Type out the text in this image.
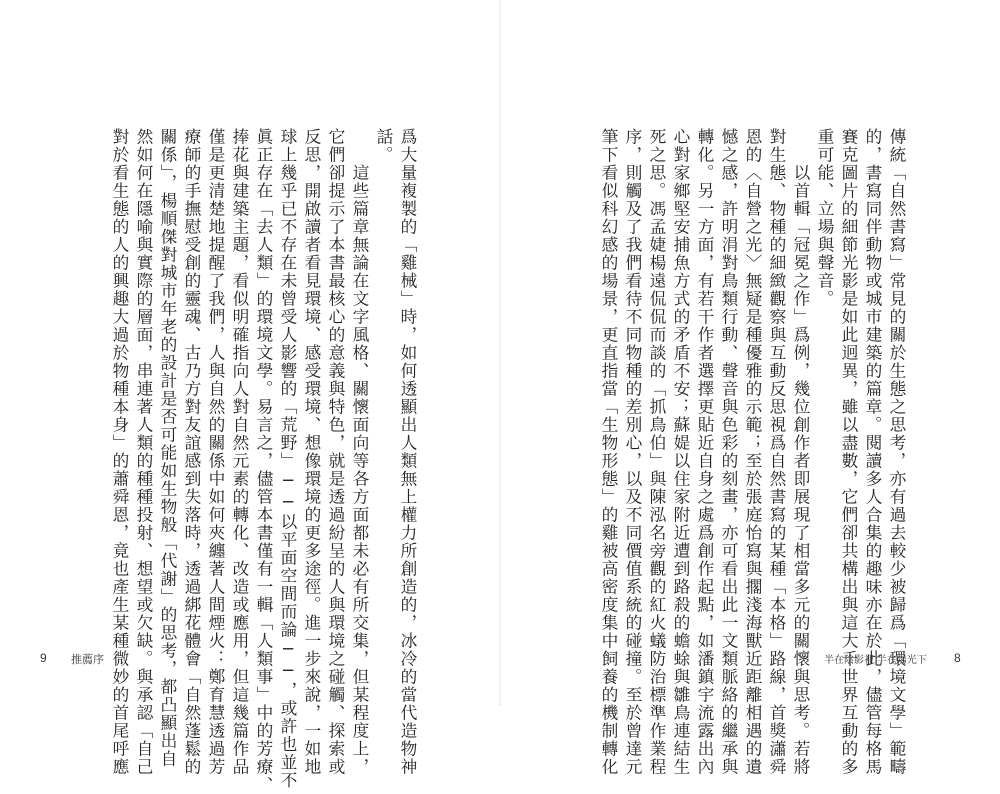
爲大量複製的「雞械」時，如何透顯出人類無上權力所創造的，冰冷的當代造物神
話。
　　這些篇章無論在文字風格、關懷面向等各方面都未必有所交集，但某程度上，
它們卻提示了本書最核心的意義與特色，就是透過紛呈的人與環境之碰觸、探索或
反思，開啟讀者看見環境、感受環境、想像環境的更多途徑。進一步來說，一如地
球上幾乎已不存在未曾受人影響的「荒野」──以平面空間而論──，或許也並不
眞正存在「去人類」的環境文學。易言之，儘管本書僅有一輯「人類事」中的芳療、
捧花與建築主題，看似明確指向人對自然元素的轉化、改造或應用，但這幾篇作品
僅是更清楚地提醒了我們，人與自然的關係中如何夾纏著人間煙火：鄭育慧透過芳
療師的手撫慰受創的靈魂、古乃方對友誼感到失落時，透過綁花體會「自然蓬鬆的
關係」，楊順傑對城市年老的設計是否可能如生物般「代謝」的思考，都凸顯出自
然如何在隱喻與實際的層面，串連著人類的種種投射、想望或欠缺。與承認「自己
對於看生態的人的興趣大過於物種本身」的蕭舜恩，竟也產生某種微妙的首尾呼應
9 推薦序	傳統「自然書寫」常見的關於生態之思考，亦有過去較少被歸爲「環境文學」範疇
的，書寫同伴動物或城市建築的篇章。閱讀多人合集的趣味亦在於此，儘管每格馬
賽克圖片的細節光影是如此迥異，雖以盡數，它們卻共構出與這大千世界互動的多
重可能、立場與聲音。
　　以首輯「冠冕之作」爲例，幾位創作者即展現了相當多元的關懷與思考。若將
對生態、物種的細緻觀察與互動反思視爲自然書寫的某種「本格」路線，首獎瀟舜
恩的〈自營之光〉無疑是種優雅的示範；至於張庭怡寫與擱淺海獸近距離相遇的遺
憾之感，許明涓對鳥類行動、聲音與色彩的刻畫，亦可看出此一文類脈絡的繼承與
轉化。另一方面，有若干作者選擇更貼近自身之處爲創作起點，如潘鎮宇流露出內
心對家鄉堅安捕魚方式的矛盾不安；蘇媞以住家附近遭到路殺的蟾蜍與雛鳥連結生
死之思。馮孟婕楊遠侃侃而談的「抓鳥伯」與陳泓名旁觀的紅火蟻防治標準作業程
序，則觸及了我們看待不同物種的差別心，以及不同價值系統的碰撞。至於曾達元
筆下看似科幻感的場景，更直指當「生物形態」的雞被高密度集中飼養的機制轉化	半在陰影裡 半在陽光下 8
